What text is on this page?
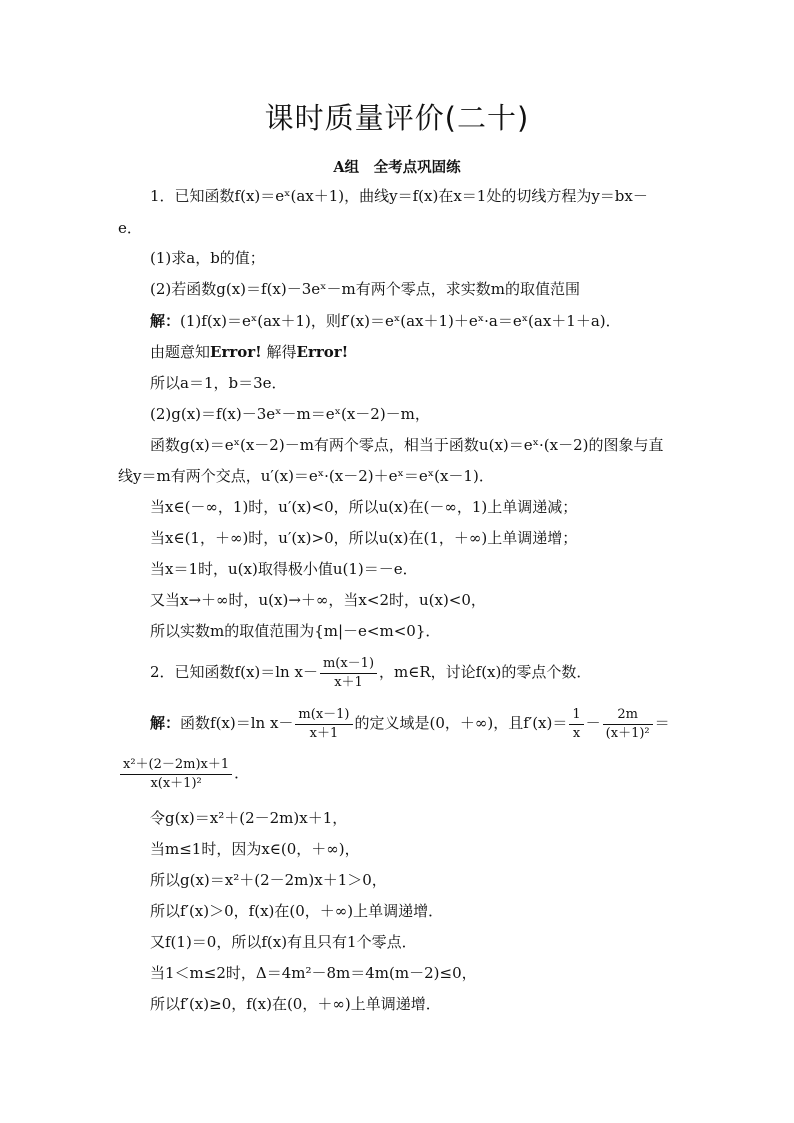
课时质量评价(二十)
A组　全考点巩固练
1．已知函数f(x)＝eˣ(ax＋1)，曲线y＝f(x)在x＝1处的切线方程为y＝bx－
e．
(1)求a，b的值；
(2)若函数g(x)＝f(x)－3eˣ－m有两个零点，求实数m的取值范围
解：(1)f(x)＝eˣ(ax＋1)，则f′(x)＝eˣ(ax＋1)＋eˣ·a＝eˣ(ax＋1＋a)．
由题意知Error! 解得Error!
所以a＝1，b＝3e．
(2)g(x)＝f(x)－3eˣ－m＝eˣ(x－2)－m，
函数g(x)＝eˣ(x－2)－m有两个零点，相当于函数u(x)＝eˣ·(x－2)的图象与直
线y＝m有两个交点，u′(x)＝eˣ·(x－2)＋eˣ＝eˣ(x－1)．
当x∈(－∞，1)时，u′(x)<0，所以u(x)在(－∞，1)上单调递减；
当x∈(1，＋∞)时，u′(x)>0，所以u(x)在(1，＋∞)上单调递增；
当x＝1时，u(x)取得极小值u(1)＝－e．
又当x→＋∞时，u(x)→＋∞，当x<2时，u(x)<0，
所以实数m的取值范围为{m|－e<m<0}．
2．已知函数f(x)＝ln $x- \frac{m(x-1)}{x+1}$ ，m∈R，讨论f(x)的零点个数．
解：函数f(x)＝ln $x- \frac{m(x-1)}{x+1}$ 的定义域是(0，＋∞)，且$f'(x)= \frac{1}{x} - \frac{2m}{\text{(x＋1)²}}$ ＝
$\frac{\text{x²＋(2－2m)x＋1}}{\text{x(x＋1)²}}$ ．
令g(x)＝x²＋(2－2m)x＋1，
当m≤1时，因为x∈(0，＋∞)，
所以g(x)＝x²＋(2－2m)x＋1＞0，
所以f′(x)＞0，f(x)在(0，＋∞)上单调递增．
又f(1)＝0，所以f(x)有且只有1个零点．
当1＜m≤2时，Δ＝4m²－8m＝4m(m－2)≤0，
所以f′(x)≥0，f(x)在(0，＋∞)上单调递增．
